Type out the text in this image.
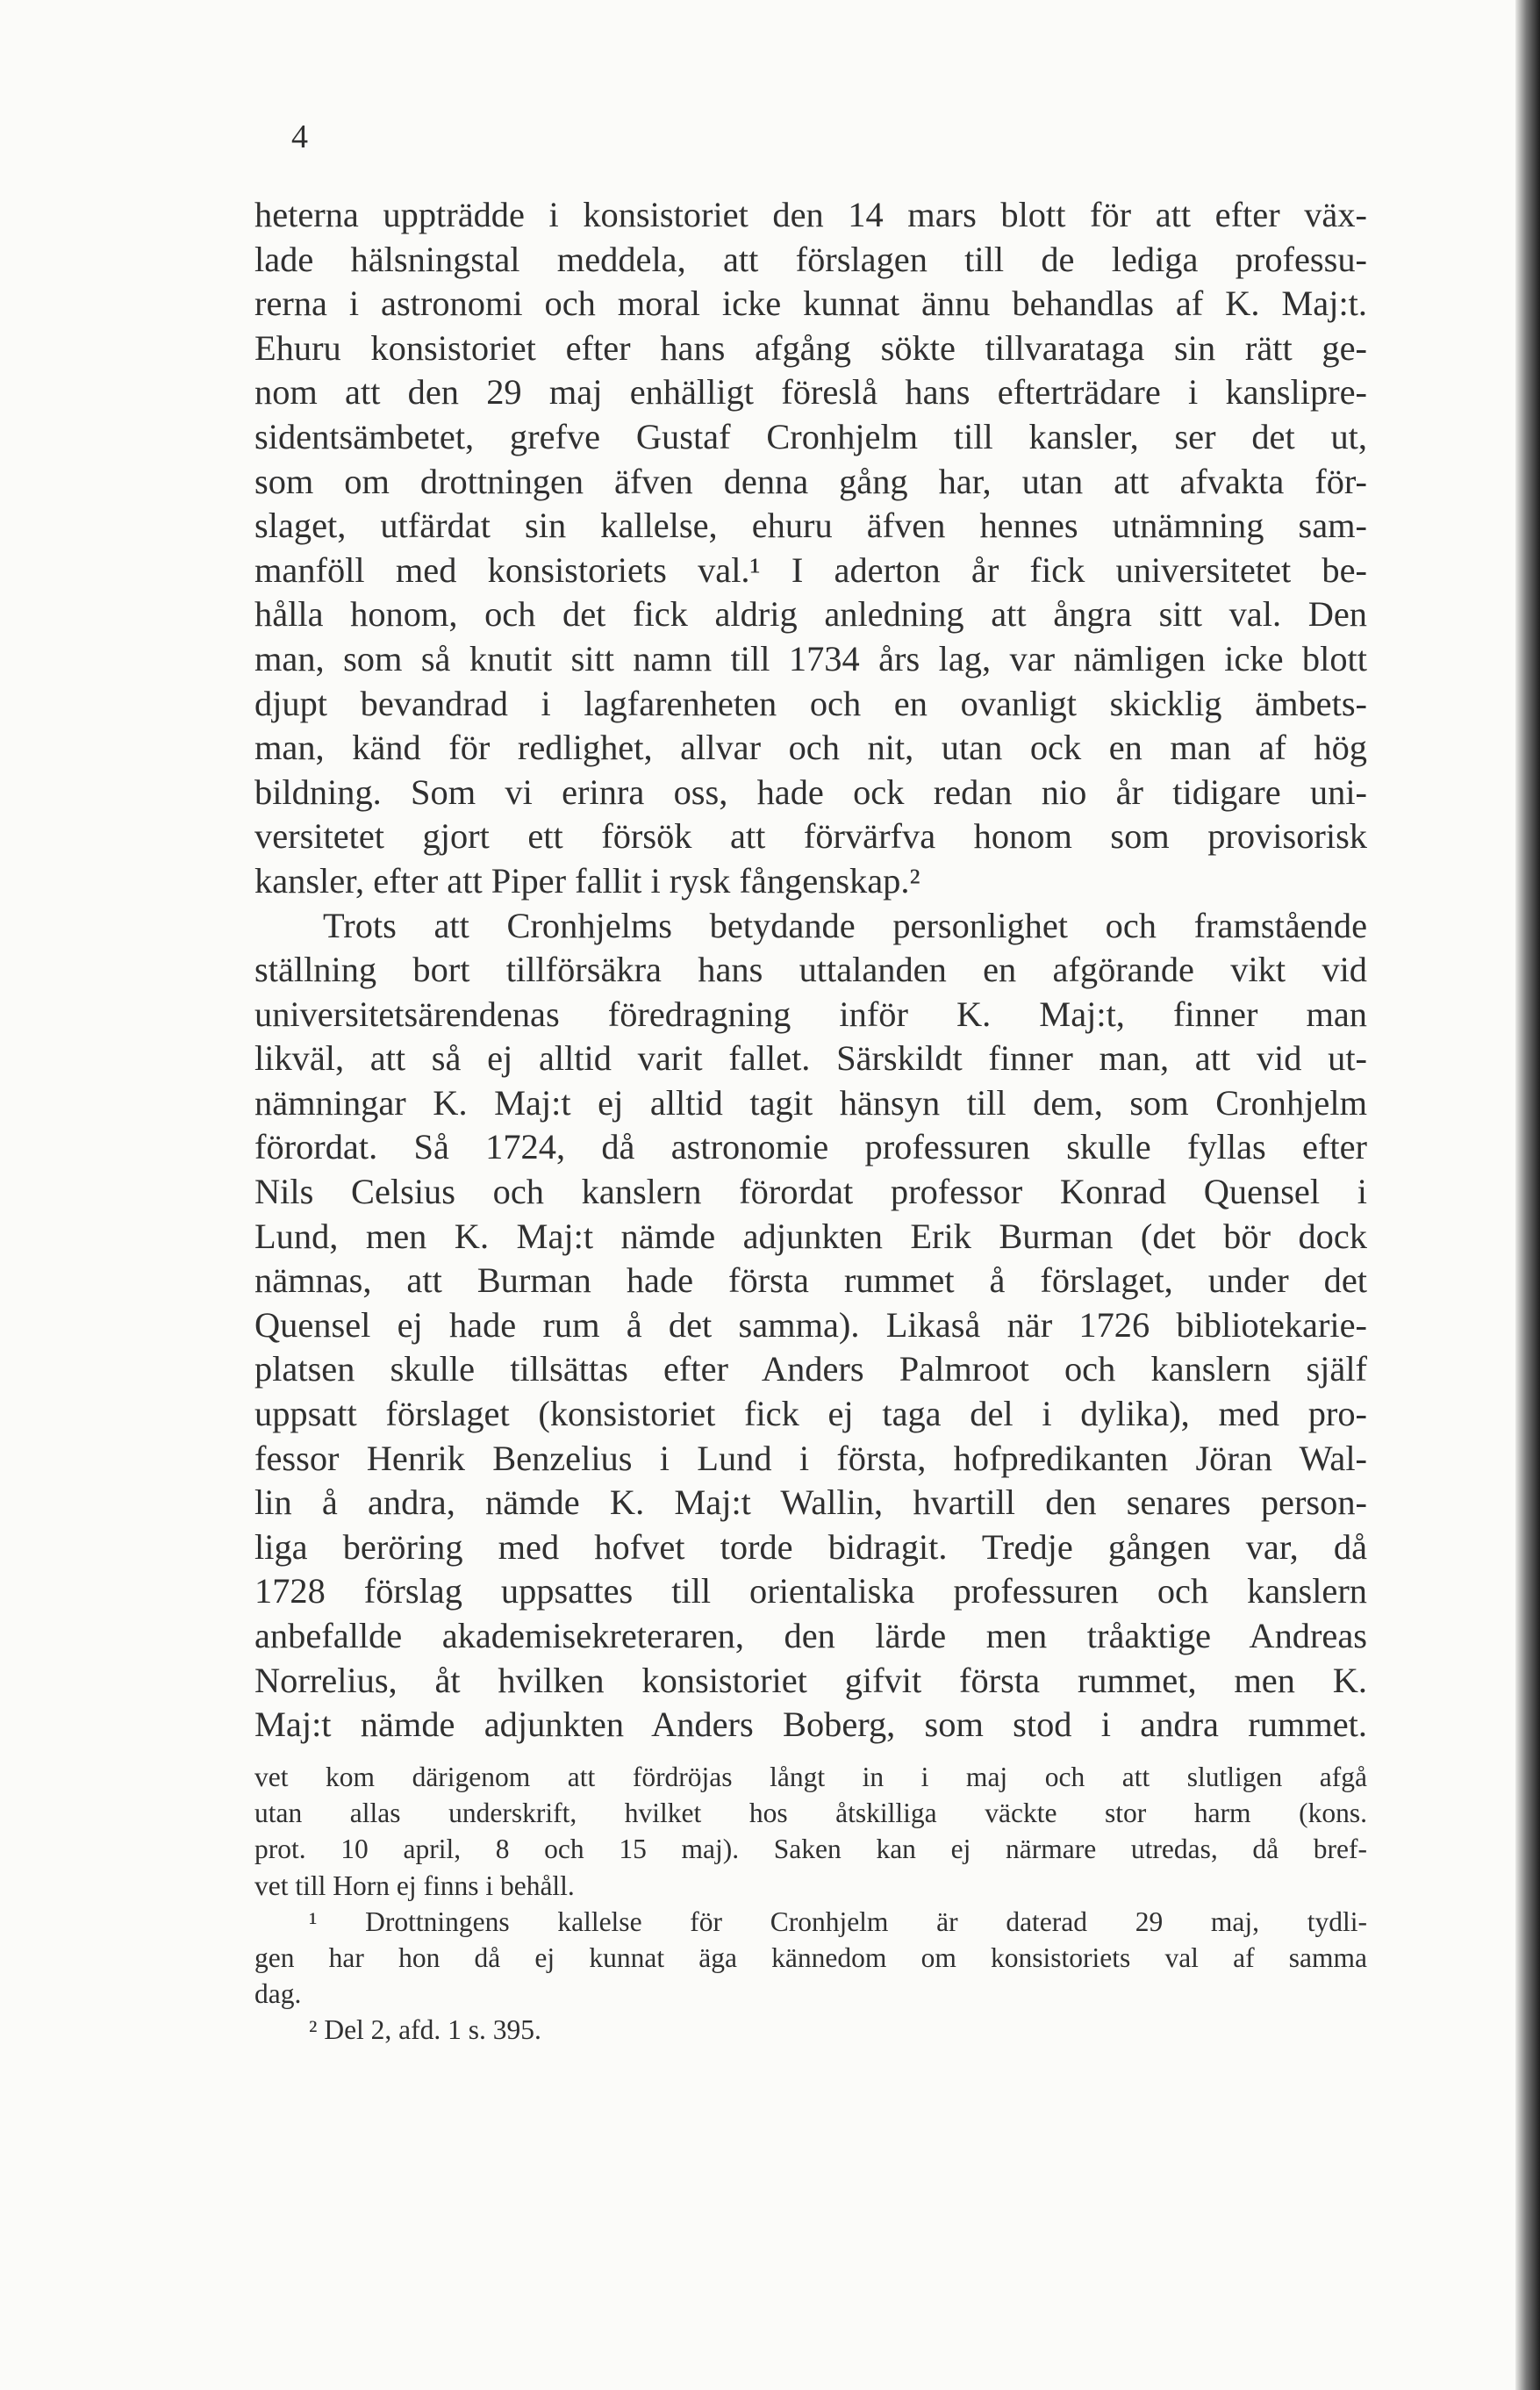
4
heterna uppträdde i konsistoriet den 14 mars blott för att efter väx-
lade hälsningstal meddela, att förslagen till de lediga professu-
rerna i astronomi och moral icke kunnat ännu behandlas af K. Maj:t.
Ehuru konsistoriet efter hans afgång sökte tillvarataga sin rätt ge-
nom att den 29 maj enhälligt föreslå hans efterträdare i kanslipre-
sidentsämbetet, grefve Gustaf Cronhjelm till kansler, ser det ut,
som om drottningen äfven denna gång har, utan att afvakta för-
slaget, utfärdat sin kallelse, ehuru äfven hennes utnämning sam-
manföll med konsistoriets val.¹ I aderton år fick universitetet be-
hålla honom, och det fick aldrig anledning att ångra sitt val. Den
man, som så knutit sitt namn till 1734 års lag, var nämligen icke blott
djupt bevandrad i lagfarenheten och en ovanligt skicklig ämbets-
man, känd för redlighet, allvar och nit, utan ock en man af hög
bildning. Som vi erinra oss, hade ock redan nio år tidigare uni-
versitetet gjort ett försök att förvärfva honom som provisorisk
kansler, efter att Piper fallit i rysk fångenskap.²
Trots att Cronhjelms betydande personlighet och framstående
ställning bort tillförsäkra hans uttalanden en afgörande vikt vid
universitetsärendenas föredragning inför K. Maj:t, finner man
likväl, att så ej alltid varit fallet. Särskildt finner man, att vid ut-
nämningar K. Maj:t ej alltid tagit hänsyn till dem, som Cronhjelm
förordat. Så 1724, då astronomie professuren skulle fyllas efter
Nils Celsius och kanslern förordat professor Konrad Quensel i
Lund, men K. Maj:t nämde adjunkten Erik Burman (det bör dock
nämnas, att Burman hade första rummet å förslaget, under det
Quensel ej hade rum å det samma). Likaså när 1726 bibliotekarie-
platsen skulle tillsättas efter Anders Palmroot och kanslern själf
uppsatt förslaget (konsistoriet fick ej taga del i dylika), med pro-
fessor Henrik Benzelius i Lund i första, hofpredikanten Jöran Wal-
lin å andra, nämde K. Maj:t Wallin, hvartill den senares person-
liga beröring med hofvet torde bidragit. Tredje gången var, då
1728 förslag uppsattes till orientaliska professuren och kanslern
anbefallde akademisekreteraren, den lärde men tråaktige Andreas
Norrelius, åt hvilken konsistoriet gifvit första rummet, men K.
Maj:t nämde adjunkten Anders Boberg, som stod i andra rummet.
vet kom därigenom att fördröjas långt in i maj och att slutligen afgå
utan allas underskrift, hvilket hos åtskilliga väckte stor harm (kons.
prot. 10 april, 8 och 15 maj). Saken kan ej närmare utredas, då bref-
vet till Horn ej finns i behåll.
¹ Drottningens kallelse för Cronhjelm är daterad 29 maj, tydli-
gen har hon då ej kunnat äga kännedom om konsistoriets val af samma
dag.
² Del 2, afd. 1 s. 395.
